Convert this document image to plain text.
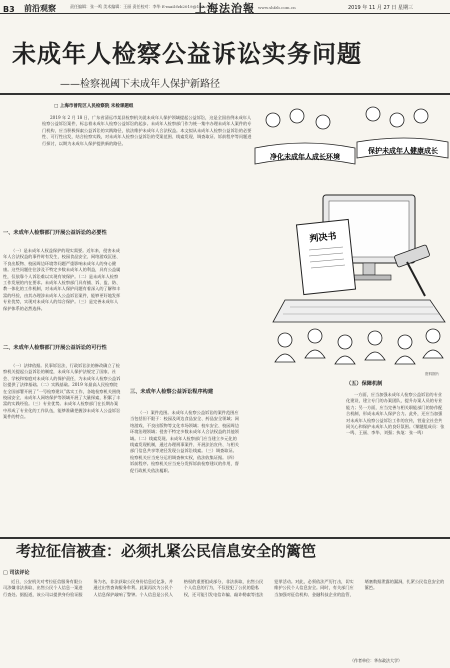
B3 前沿观察	责任编辑：张一鸣 美术编辑：王丽 责任校对：李华 E-mail:fzb2019@163.com
上海法治報 www.shfzb.com.cn	2019 年 11 月 27 日 星期三
未成年人检察公益诉讼实务问题
——检察视阈下未成年人保护新路径
□ 上海市普陀区人民检察院 未检课题组
2019 年 2 月 18 日，广东省清远市某县检察机关就未成年人保护领域提起公益诉讼，这是全国首例未成年人检察公益诉讼案件，标志着未成年人检察公益诉讼的起步。未成年人检察部门作为统一集中办理未成年人案件的专门机构，应当积极探索公益诉讼的实践路径，依法维护未成年人合法权益。本文拟从未成年人检察公益诉讼的必要性、可行性出发，结合检察实践，对未成年人检察公益诉讼的受案范围、线索发现、调查取证、诉前程序等问题进行探讨，以期为未成年人保护提供新的路径。
净化未成年人成长环境
保护未成年人健康成长
判决书
资料图片
一、未成年人检察部门开展公益诉讼的必要性
（一）是未成年人权益保护的现实需要。近年来，侵害未成年人合法权益的事件时有发生，校园食品安全、网络游戏沉迷、不良出版物、校园周边环境等问题严重影响未成年人的身心健康。这些问题往往涉及不特定多数未成年人的利益，具有公益属性，仅依靠个人诉讼难以实现有效保护。（二）是未成年人检察工作发展的内在要求。未成年人检察部门具有捕、诉、监、防、教一体化的工作机制，对未成年人保护问题有着深入的了解和丰富的经验，由其办理涉未成年人公益诉讼案件，能够更好地发挥专业优势，实现对未成年人的综合保护。（三）是完善未成年人保护体系的必然选择。
二、未成年人检察部门开展公益诉讼的可行性
（一）法律依据。民事诉讼法、行政诉讼法的修改确立了检察机关提起公益诉讼的制度，未成年人保护法规定了国家、社会、学校和家庭对未成年人的保护责任，为未成年人检察公益诉讼提供了法律基础。（二）实践基础。2019 年最高人民检察院在全国部署开展了“一号检察建议”落实工作，各地检察机关围绕校园安全、未成年人网络保护等领域开展了大量探索，积累了丰富的实践经验。（三）专业优势。未成年人检察部门在长期办案中形成了专业化的工作队伍，能够准确把握涉未成年人公益诉讼案件的特点。
三、未成年人检察公益诉讼程序构建
（一）案件范围。未成年人检察公益诉讼的案件范围应当包括但不限于：校园及周边食品安全、药品安全领域；网络游戏、不良出版物等文化市场领域；校车安全、校园周边环境治理领域；侵害不特定多数未成年人合法权益的其他领域。（二）线索发现。未成年人检察部门应当建立多元化的线索发现机制，通过办理刑事案件、开展法治宣传、与相关部门信息共享等途径发现公益诉讼线索。（三）调查取证。检察机关应当充分运用调查核实权，依法收集证据。（四）诉前程序。检察机关应当充分发挥诉前检察建议的作用，督促行政机关依法履职。
（五）保障机制
一方面，应当加强未成年人检察公益诉讼的专业化建设，建立专门的办案团队，提升办案人员的专业能力；另一方面，应当完善与相关职能部门的协作配合机制，形成未成年人保护合力。此外，还应当加强对未成年人检察公益诉讼工作的宣传，营造全社会共同关心和保护未成年人的良好氛围。（课题组成员：张一鸣、王丽、李华、刘强；执笔：张一鸣）
考拉征信被查：必须扎紧公民信息安全的篱笆
□ 司法评论
近日，公安机关对考拉征信服务有限公司涉嫌非法获取、出售公民个人信息一案进行查处。据报道，该公司以提供身份验证服务为名，非法获取公民身份信息近亿条，并通过出售查询服务牟利。此案再次为公民个人信息保护敲响了警钟。个人信息是公民人格权的重要组成部分，非法获取、出售公民个人信息的行为，不仅侵犯了公民的隐私权，还可能引发电信诈骗、敲诈勒索等违法犯罪活动。对此，必须依法严厉打击，切实维护公民个人信息安全。同时，有关部门应当加强对征信机构、金融科技企业的监管，堵塞数据泄露的漏洞，扎紧公民信息安全的篱笆。
（作者单位：华东政法大学）
